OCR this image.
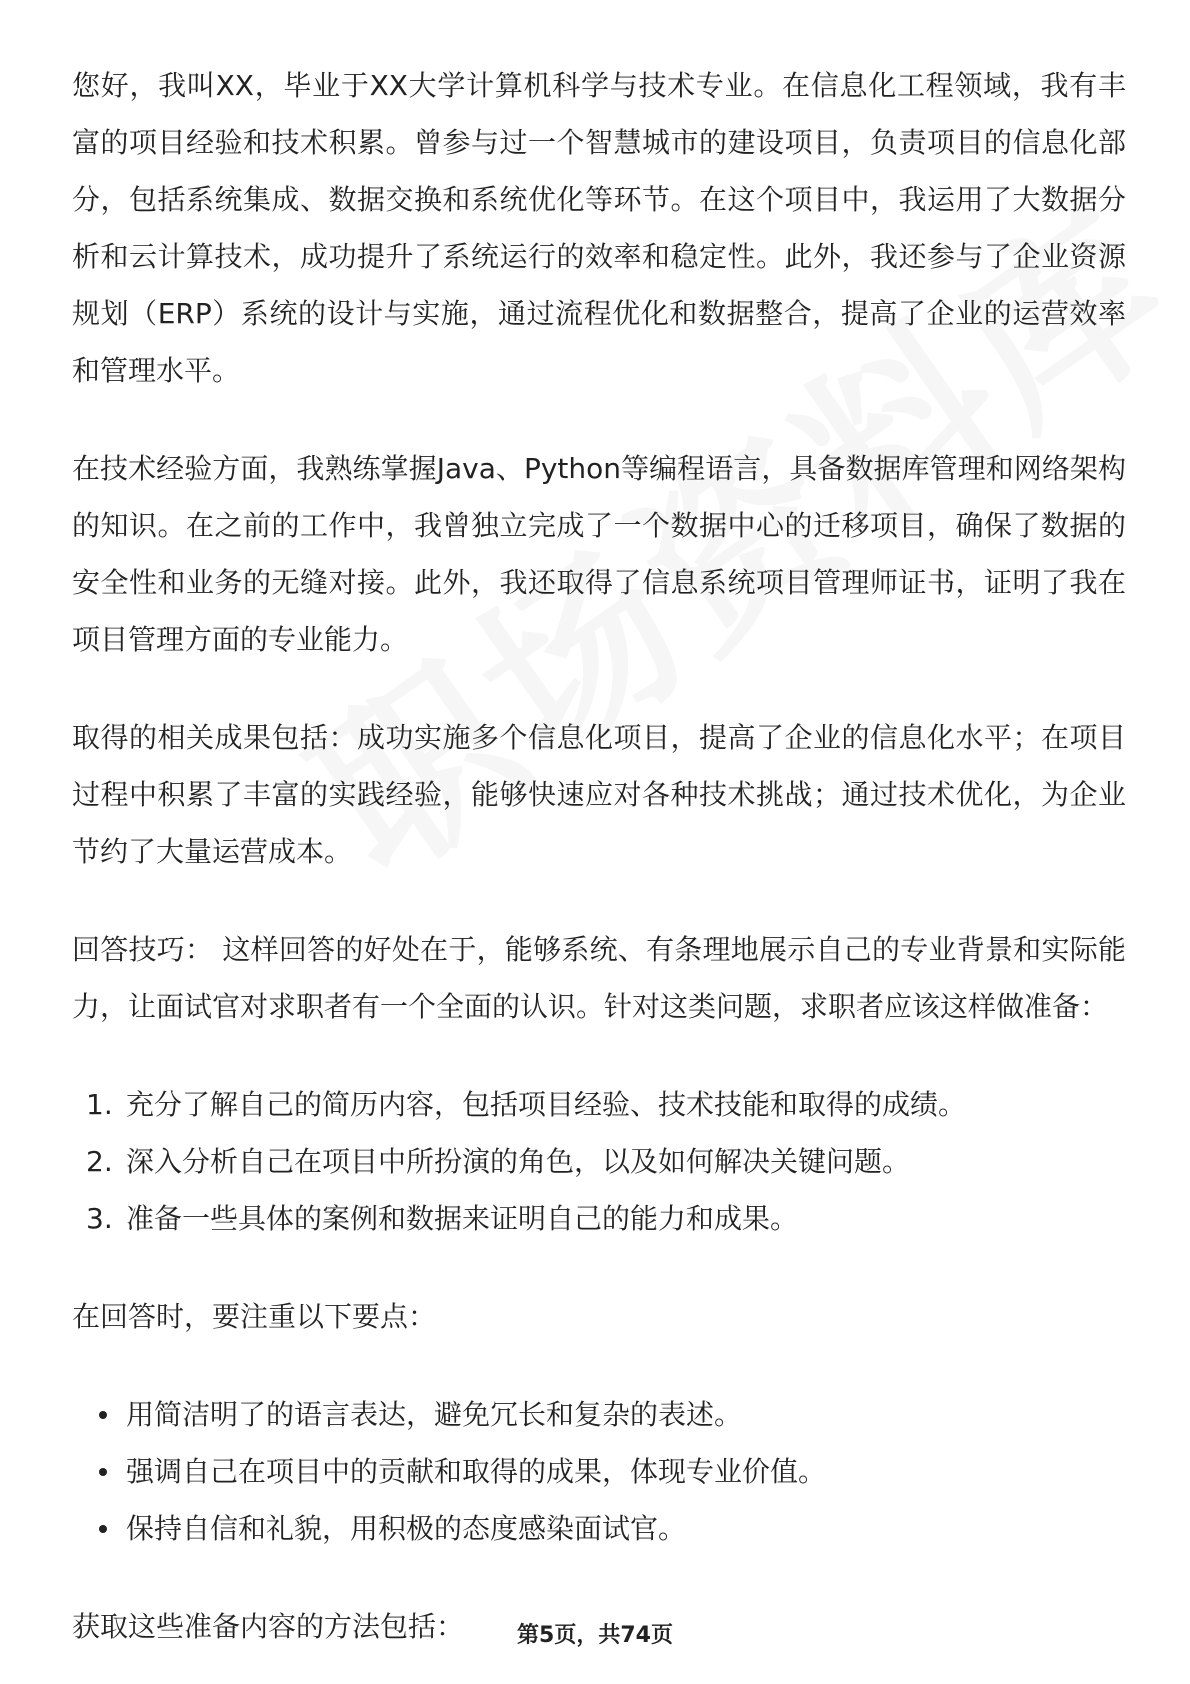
您好，我叫XX，毕业于XX大学计算机科学与技术专业。在信息化工程领域，我有丰富的项目经验和技术积累。曾参与过一个智慧城市的建设项目，负责项目的信息化部分，包括系统集成、数据交换和系统优化等环节。在这个项目中，我运用了大数据分析和云计算技术，成功提升了系统运行的效率和稳定性。此外，我还参与了企业资源规划（ERP）系统的设计与实施，通过流程优化和数据整合，提高了企业的运营效率和管理水平。

在技术经验方面，我熟练掌握Java、Python等编程语言，具备数据库管理和网络架构的知识。在之前的工作中，我曾独立完成了一个数据中心的迁移项目，确保了数据的安全性和业务的无缝对接。此外，我还取得了信息系统项目管理师证书，证明了我在项目管理方面的专业能力。

取得的相关成果包括：成功实施多个信息化项目，提高了企业的信息化水平；在项目过程中积累了丰富的实践经验，能够快速应对各种技术挑战；通过技术优化，为企业节约了大量运营成本。

回答技巧： 这样回答的好处在于，能够系统、有条理地展示自己的专业背景和实际能力，让面试官对求职者有一个全面的认识。针对这类问题，求职者应该这样做准备：

1. 充分了解自己的简历内容，包括项目经验、技术技能和取得的成绩。
2. 深入分析自己在项目中所扮演的角色，以及如何解决关键问题。
3. 准备一些具体的案例和数据来证明自己的能力和成果。

在回答时，要注重以下要点：

用简洁明了的语言表达，避免冗长和复杂的表述。
强调自己在项目中的贡献和取得的成果，体现专业价值。
保持自信和礼貌，用积极的态度感染面试官。

获取这些准备内容的方法包括：	第5页，共74页
